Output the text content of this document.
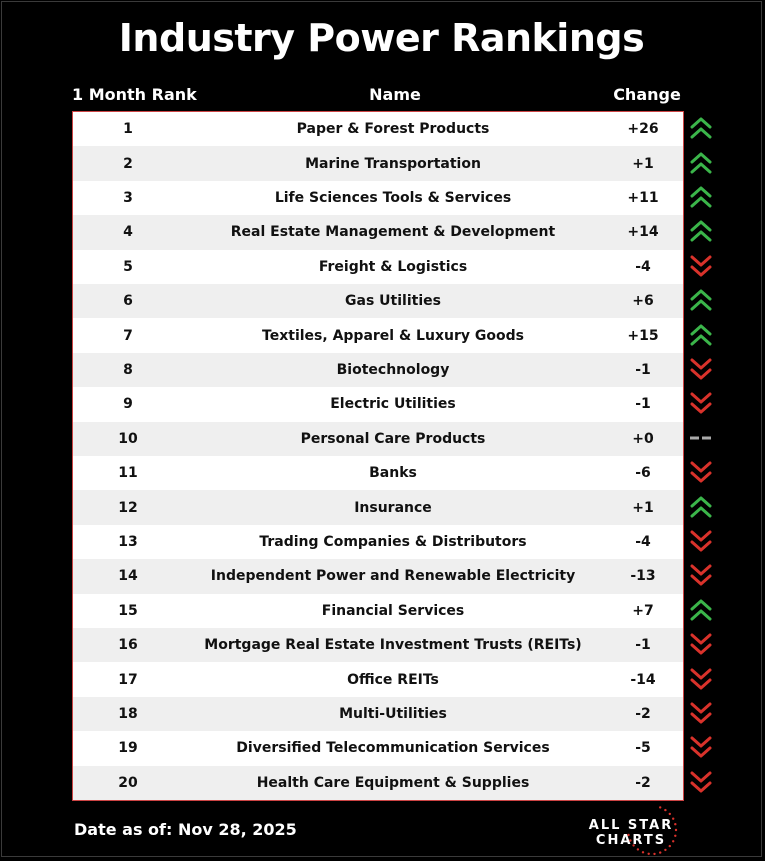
Industry Power Rankings
1 Month Rank	Name	Change
1	Paper & Forest Products	+26
2	Marine Transportation	+1
3	Life Sciences Tools & Services	+11
4	Real Estate Management & Development	+14
5	Freight & Logistics	-4
6	Gas Utilities	+6
7	Textiles, Apparel & Luxury Goods	+15
8	Biotechnology	-1
9	Electric Utilities	-1
10	Personal Care Products	+0
11	Banks	-6
12	Insurance	+1
13	Trading Companies & Distributors	-4
14	Independent Power and Renewable Electricity	-13
15	Financial Services	+7
16	Mortgage Real Estate Investment Trusts (REITs)	-1
17	Office REITs	-14
18	Multi-Utilities	-2
19	Diversified Telecommunication Services	-5
20	Health Care Equipment & Supplies	-2
Date as of: Nov 28, 2025	ALL STAR
CHARTS
